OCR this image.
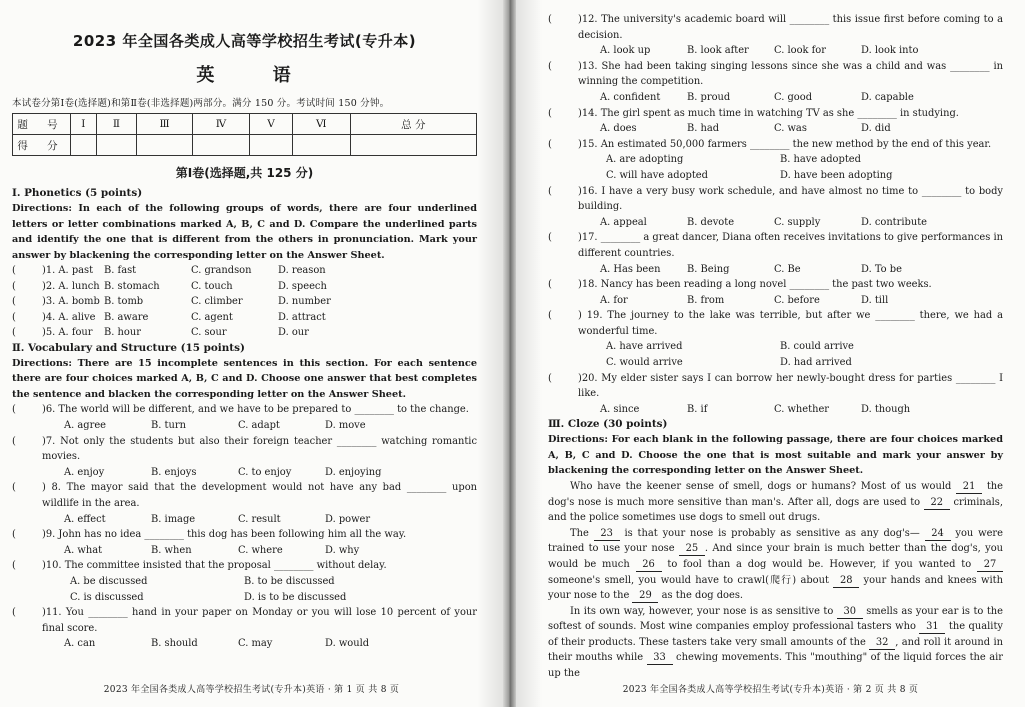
2023 年全国各类成人高等学校招生考试(专升本)
英 语
本试卷分第Ⅰ卷(选择题)和第Ⅱ卷(非选择题)两部分。满分 150 分。考试时间 150 分钟。
题 号	Ⅰ	Ⅱ	Ⅲ	Ⅳ	Ⅴ	Ⅵ	总 分
得 分							
第Ⅰ卷(选择题,共 125 分)
Ⅰ. Phonetics (5 points)
Directions: In each of the following groups of words, there are four underlined letters or letter combinations marked A, B, C and D. Compare the underlined parts and identify the one that is different from the others in pronunciation. Mark your answer by blackening the corresponding letter on the Answer Sheet.
(	)1. A. past	B. fast	C. grandson	D. reason
(	)2. A. lunch B. stomach	C. touch	D. speech
(	)3. A. bomb B. tomb	C. climber	D. number
(	)4. A. alive B. aware	C. agent	D. attract
(	)5. A. four	B. hour	C. sour	D. our
Ⅱ. Vocabulary and Structure (15 points)
Directions: There are 15 incomplete sentences in this section. For each sentence there are four choices marked A, B, C and D. Choose one answer that best completes the sentence and blacken the corresponding letter on the Answer Sheet.
(	)6. The world will be different, and we have to be prepared to ________ to the change.
A. agree	B. turn	C. adapt	D. move
(	)7. Not only the students but also their foreign teacher ________ watching romantic movies.
A. enjoy	B. enjoys	C. to enjoy	D. enjoying
(	) 8. The mayor said that the development would not have any bad ________ upon wildlife in the area.
A. effect	B. image	C. result	D. power
(	)9. John has no idea ________ this dog has been following him all the way.
A. what	B. when	C. where	D. why
(	)10. The committee insisted that the proposal ________ without delay.
A. be discussed	B. to be discussed
C. is discussed	D. is to be discussed
(	)11. You ________ hand in your paper on Monday or you will lose 10 percent of your final score.
A. can	B. should	C. may	D. would
2023 年全国各类成人高等学校招生考试(专升本)英语 · 第 1 页 共 8 页
(	)12. The university's academic board will ________ this issue first before coming to a decision.
A. look up	B. look after	C. look for	D. look into
(	)13. She had been taking singing lessons since she was a child and was ________ in winning the competition.
A. confident	B. proud	C. good	D. capable
(	)14. The girl spent as much time in watching TV as she ________ in studying.
A. does	B. had	C. was	D. did
(	)15. An estimated 50,000 farmers ________ the new method by the end of this year.
A. are adopting	B. have adopted
C. will have adopted	D. have been adopting
(	)16. I have a very busy work schedule, and have almost no time to ________ to body building.
A. appeal	B. devote	C. supply	D. contribute
(	)17. ________ a great dancer, Diana often receives invitations to give performances in different countries.
A. Has been	B. Being	C. Be	D. To be
(	)18. Nancy has been reading a long novel ________ the past two weeks.
A. for	B. from	C. before	D. till
(	) 19. The journey to the lake was terrible, but after we ________ there, we had a wonderful time.
A. have arrived	B. could arrive
C. would arrive	D. had arrived
(	)20. My elder sister says I can borrow her newly-bought dress for parties ________ I like.
A. since	B. if	C. whether	D. though
Ⅲ. Cloze (30 points)
Directions: For each blank in the following passage, there are four choices marked A, B, C and D. Choose the one that is most suitable and mark your answer by blackening the corresponding letter on the Answer Sheet.

Who have the keener sense of smell, dogs or humans? Most of us would 21 the dog's nose is much more sensitive than man's. After all, dogs are used to 22 criminals, and the police sometimes use dogs to smell out drugs.

The 23 is that your nose is probably as sensitive as any dog's— 24 you were trained to use your nose 25 . And since your brain is much better than the dog's, you would be much 26 to fool than a dog would be. However, if you wanted to 27 someone's smell, you would have to crawl(爬行) about 28 your hands and knees with your nose to the 29 as the dog does.

In its own way, however, your nose is as sensitive to 30 smells as your ear is to the softest of sounds. Most wine companies employ professional tasters who 31 the quality of their products. These tasters take very small amounts of the 32 , and roll it around in their mouths while 33 chewing movements. This "mouthing" of the liquid forces the air up the

2023 年全国各类成人高等学校招生考试(专升本)英语 · 第 2 页 共 8 页
